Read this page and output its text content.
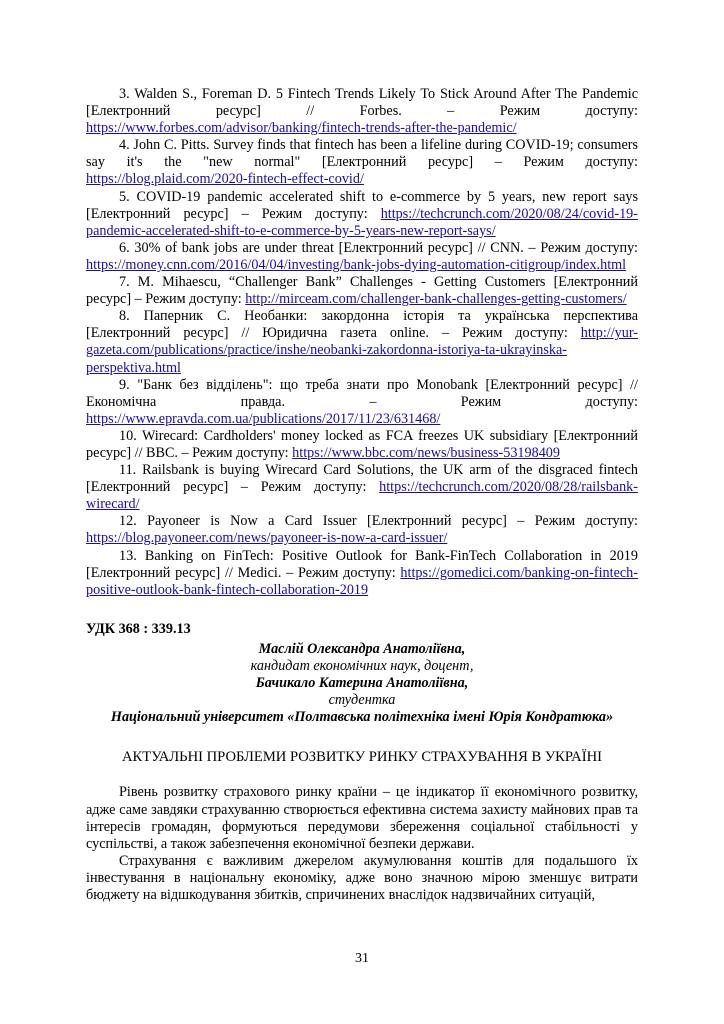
3. Walden S., Foreman D. 5 Fintech Trends Likely To Stick Around After The Pandemic [Електронний ресурс] // Forbes. – Режим доступу: https://www.forbes.com/advisor/banking/fintech-trends-after-the-pandemic/

4. John C. Pitts. Survey finds that fintech has been a lifeline during COVID-19; consumers say it's the "new normal" [Електронний ресурс] – Режим доступу: https://blog.plaid.com/2020-fintech-effect-covid/

5. COVID-19 pandemic accelerated shift to e-commerce by 5 years, new report says [Електронний ресурс] – Режим доступу: https://techcrunch.com/2020/08/24/covid-19-pandemic-accelerated-shift-to-e-commerce-by-5-years-new-report-says/

6. 30% of bank jobs are under threat [Електронний ресурс] // CNN. – Режим доступу: https://money.cnn.com/2016/04/04/investing/bank-jobs-dying-automation-citigroup/index.html

7. M. Mihaescu, “Challenger Bank” Challenges - Getting Customers [Електронний ресурс] – Режим доступу: http://mirceam.com/challenger-bank-challenges-getting-customers/

8. Паперник С. Необанки: закордонна історія та українська перспектива [Електронний ресурс] // Юридична газета online. – Режим доступу: http://yur-gazeta.com/publications/practice/inshe/neobanki-zakordonna-istoriya-ta-ukrayinska-perspektiva.html

9. "Банк без відділень": що треба знати про Monobank [Електронний ресурс] // Економічна правда. – Режим доступу: https://www.epravda.com.ua/publications/2017/11/23/631468/

10. Wirecard: Cardholders' money locked as FCA freezes UK subsidiary [Електронний ресурс] // BBC. – Режим доступу: https://www.bbc.com/news/business-53198409

11. Railsbank is buying Wirecard Card Solutions, the UK arm of the disgraced fintech [Електронний ресурс] – Режим доступу: https://techcrunch.com/2020/08/28/railsbank-wirecard/

12. Payoneer is Now a Card Issuer [Електронний ресурс] – Режим доступу: https://blog.payoneer.com/news/payoneer-is-now-a-card-issuer/

13. Banking on FinTech: Positive Outlook for Bank-FinTech Collaboration in 2019 [Електронний ресурс] // Medici. – Режим доступу: https://gomedici.com/banking-on-fintech-positive-outlook-bank-fintech-collaboration-2019

УДК 368 : 339.13

Маслій Олександра Анатоліївна,

кандидат економічних наук, доцент,

Бачикало Катерина Анатоліївна,

студентка

Національний університет «Полтавська політехніка імені Юрія Кондратюка»

АКТУАЛЬНІ ПРОБЛЕМИ РОЗВИТКУ РИНКУ СТРАХУВАННЯ В УКРАЇНІ

Рівень розвитку страхового ринку країни – це індикатор її економічного розвитку, адже саме завдяки страхуванню створюється ефективна система захисту майнових прав та інтересів громадян, формуються передумови збереження соціальної стабільності у суспільстві, а також забезпечення економічної безпеки держави.

Страхування є важливим джерелом акумулювання коштів для подальшого їх інвестування в національну економіку, адже воно значною мірою зменшує витрати бюджету на відшкодування збитків, спричинених внаслідок надзвичайних ситуацій,

31
